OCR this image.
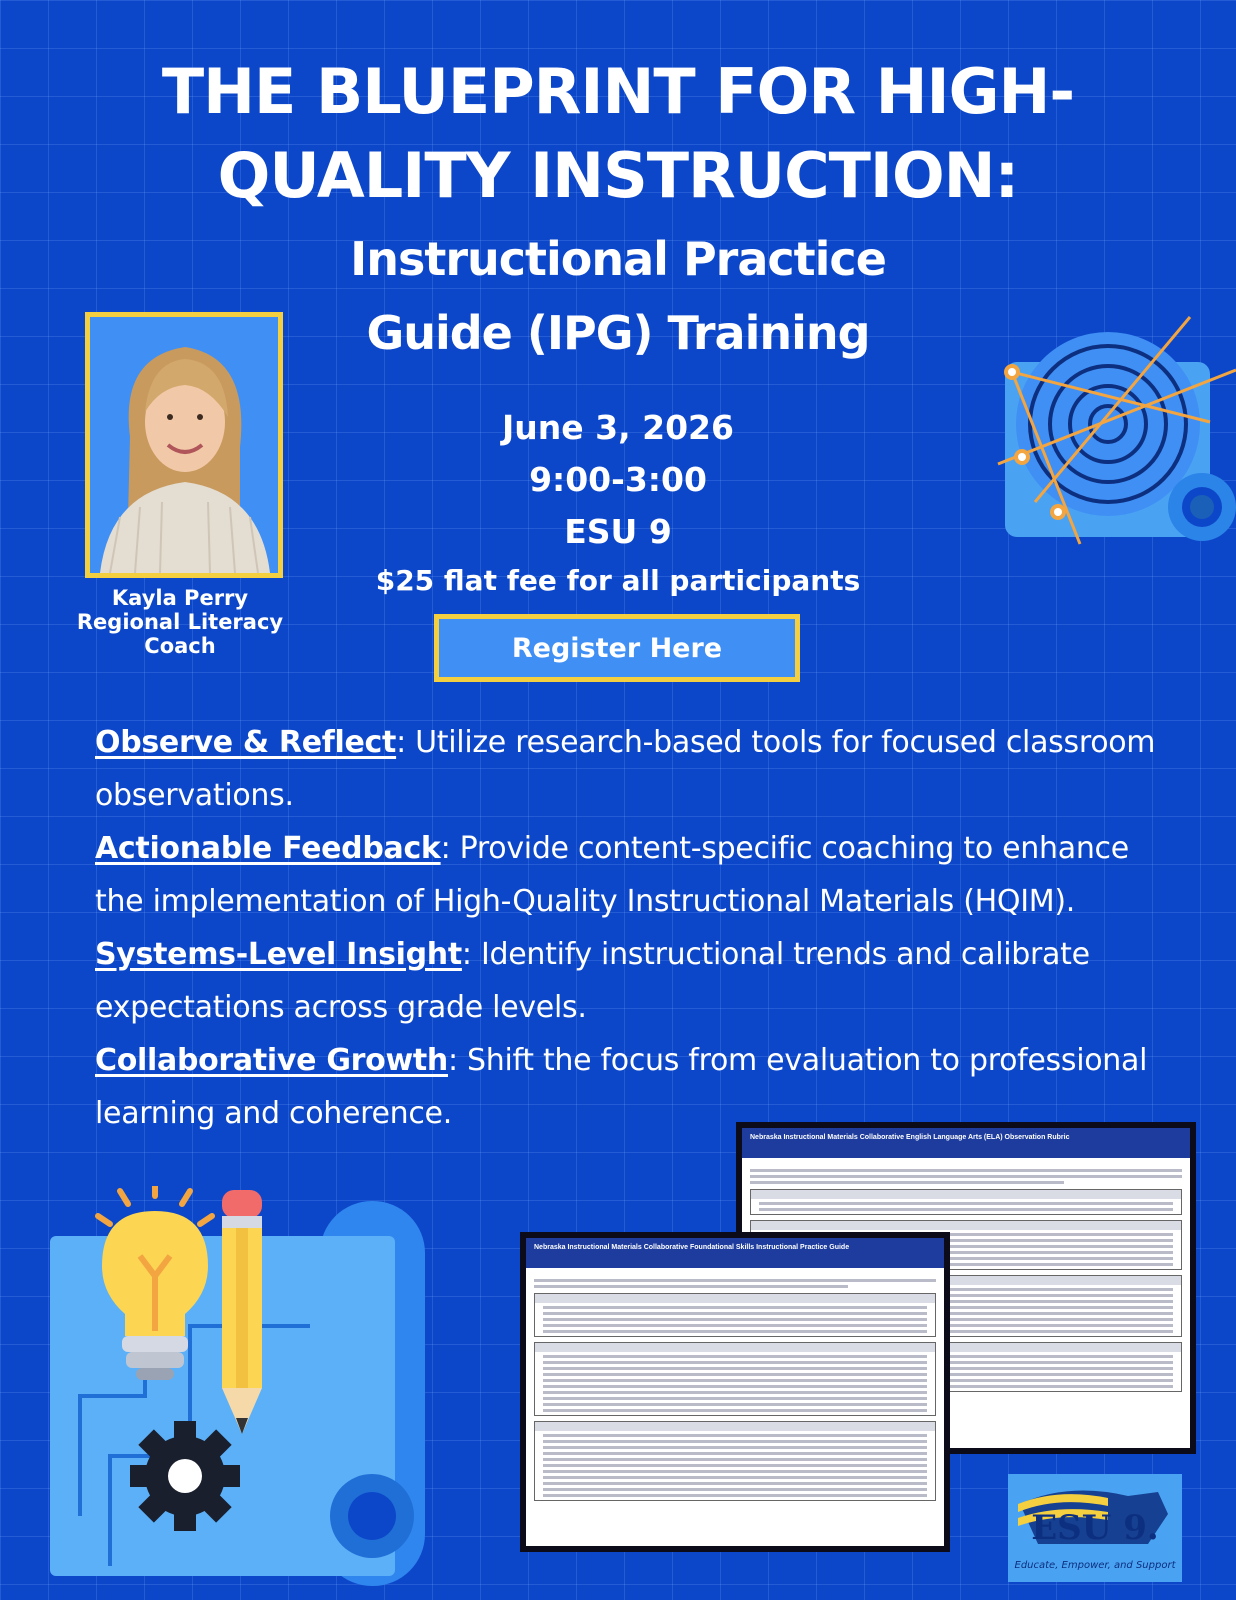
THE BLUEPRINT FOR HIGH-
QUALITY INSTRUCTION:
Instructional Practice
Guide (IPG) Training
Kayla Perry
Regional Literacy
Coach
June 3, 2026
9:00-3:00
ESU 9
$25 flat fee for all participants
Register Here

Observe & Reflect: Utilize research-based tools for focused classroom observations.

Actionable Feedback: Provide content-specific coaching to enhance the implementation of High-Quality Instructional Materials (HQIM).

Systems-Level Insight: Identify instructional trends and calibrate expectations across grade levels.

Collaborative Growth: Shift the focus from evaluation to professional learning and coherence.

Nebraska Instructional Materials Collaborative English Language Arts (ELA) Observation Rubric
Nebraska Instructional Materials Collaborative Foundational Skills Instructional Practice Guide
ESU 9.
Educate, Empower, and Support
